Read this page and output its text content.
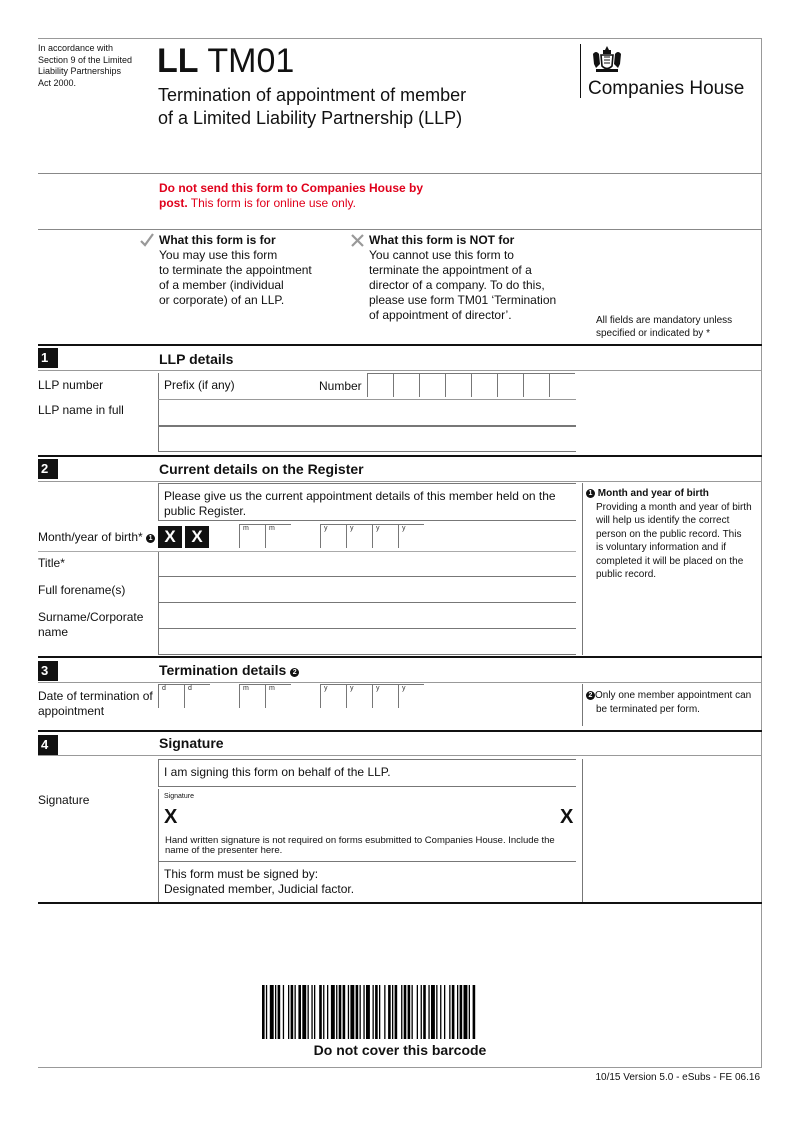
In accordance with
Section 9 of the Limited
Liability Partnerships
Act 2000.
LL TM01
Termination of appointment of member
of a Limited Liability Partnership (LLP)
Companies House
Do not send this form to Companies House by
post. This form is for online use only.
What this form is for
You may use this form
to terminate the appointment
of a member (individual
or corporate) of an LLP.
What this form is NOT for
You cannot use this form to
terminate the appointment of a
director of a company. To do this,
please use form TM01 ‘Termination
of appointment of director’.	All fields are mandatory unless
specified or indicated by *
1	LLP details
LLP number	Prefix (if any)	Number
LLP name in full
2	Current details on the Register
Please give us the current appointment details of this member held on the
public Register.
Month/year of birth* 1 X X	m	m	y	y	y	y
Title*
Full forename(s)
Surname/Corporate
name
1 Month and year of birth
Providing a month and year of birth
will help us identify the correct
person on the public record. This
is voluntary information and if
completed it will be placed on the
public record.
3	Termination details 2
Date of termination of
appointment
d	d	m	m	y	y	y	y
2 Only one member appointment can
be terminated per form.
4	Signature
I am signing this form on behalf of the LLP.
Signature	Signature
X	X
Hand written signature is not required on forms esubmitted to Companies House. Include the
name of the presenter here.
This form must be signed by:
Designated member, Judicial factor.
Do not cover this barcode
10/15 Version 5.0 - eSubs - FE 06.16
